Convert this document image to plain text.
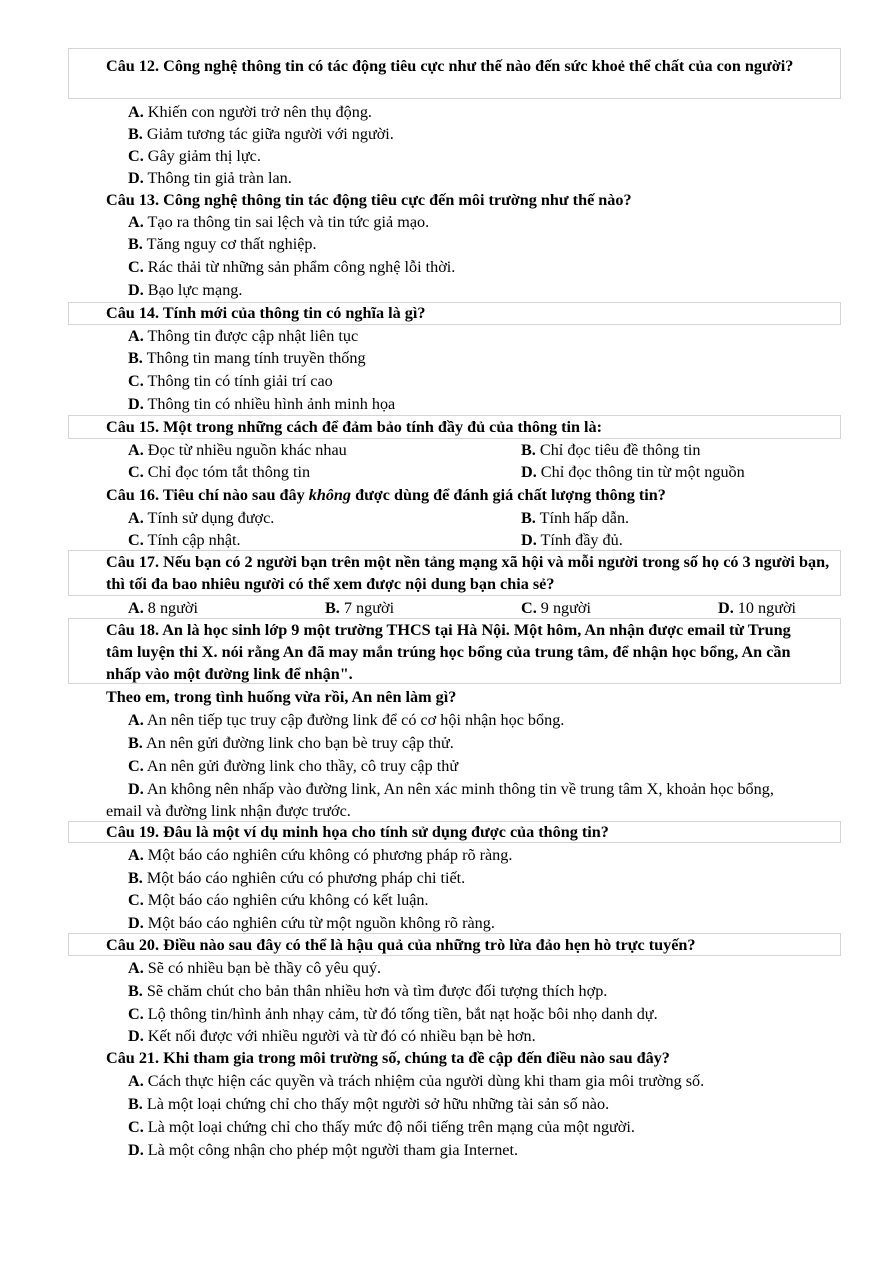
Câu 12. Công nghệ thông tin có tác động tiêu cực như thế nào đến sức khoẻ thể chất của con người?
A. Khiến con người trở nên thụ động.
B. Giảm tương tác giữa người với người.
C. Gây giảm thị lực.
D. Thông tin giả tràn lan.
Câu 13. Công nghệ thông tin tác động tiêu cực đến môi trường như thế nào?
A. Tạo ra thông tin sai lệch và tin tức giả mạo.
B. Tăng nguy cơ thất nghiệp.
C. Rác thải từ những sản phẩm công nghệ lỗi thời.
D. Bạo lực mạng.
Câu 14. Tính mới của thông tin có nghĩa là gì?
A. Thông tin được cập nhật liên tục
B. Thông tin mang tính truyền thống
C. Thông tin có tính giải trí cao
D. Thông tin có nhiều hình ảnh minh họa
Câu 15. Một trong những cách để đảm bảo tính đầy đủ của thông tin là:
A. Đọc từ nhiều nguồn khác nhau	B. Chỉ đọc tiêu đề thông tin
C. Chỉ đọc tóm tắt thông tin	D. Chỉ đọc thông tin từ một nguồn
Câu 16. Tiêu chí nào sau đây không được dùng để đánh giá chất lượng thông tin?
A. Tính sử dụng được.	B. Tính hấp dẫn.
C. Tính cập nhật.	D. Tính đầy đủ.
Câu 17. Nếu bạn có 2 người bạn trên một nền tảng mạng xã hội và mỗi người trong số họ có 3 người bạn, thì tối đa bao nhiêu người có thể xem được nội dung bạn chia sẻ?
A. 8 người	B. 7 người	C. 9 người	D. 10 người
Câu 18. An là học sinh lớp 9 một trường THCS tại Hà Nội. Một hôm, An nhận được email từ Trung tâm luyện thi X. nói rằng An đã may mắn trúng học bổng của trung tâm, để nhận học bổng, An cần nhấp vào một đường link để nhận".
Theo em, trong tình huống vừa rồi, An nên làm gì?
A. An nên tiếp tục truy cập đường link để có cơ hội nhận học bổng.
B. An nên gửi đường link cho bạn bè truy cập thử.
C. An nên gửi đường link cho thầy, cô truy cập thử
D. An không nên nhấp vào đường link, An nên xác minh thông tin về trung tâm X, khoản học bổng, email và đường link nhận được trước.
Câu 19. Đâu là một ví dụ minh họa cho tính sử dụng được của thông tin?
A. Một báo cáo nghiên cứu không có phương pháp rõ ràng.
B. Một báo cáo nghiên cứu có phương pháp chi tiết.
C. Một báo cáo nghiên cứu không có kết luận.
D. Một báo cáo nghiên cứu từ một nguồn không rõ ràng.
Câu 20. Điều nào sau đây có thể là hậu quả của những trò lừa đảo hẹn hò trực tuyến?
A. Sẽ có nhiều bạn bè thầy cô yêu quý.
B. Sẽ chăm chút cho bản thân nhiều hơn và tìm được đối tượng thích hợp.
C. Lộ thông tin/hình ảnh nhạy cảm, từ đó tống tiền, bắt nạt hoặc bôi nhọ danh dự.
D. Kết nối được với nhiều người và từ đó có nhiều bạn bè hơn.
Câu 21. Khi tham gia trong môi trường số, chúng ta đề cập đến điều nào sau đây?
A. Cách thực hiện các quyền và trách nhiệm của người dùng khi tham gia môi trường số.
B. Là một loại chứng chỉ cho thấy một người sở hữu những tài sản số nào.
C. Là một loại chứng chỉ cho thấy mức độ nổi tiếng trên mạng của một người.
D. Là một công nhận cho phép một người tham gia Internet.
